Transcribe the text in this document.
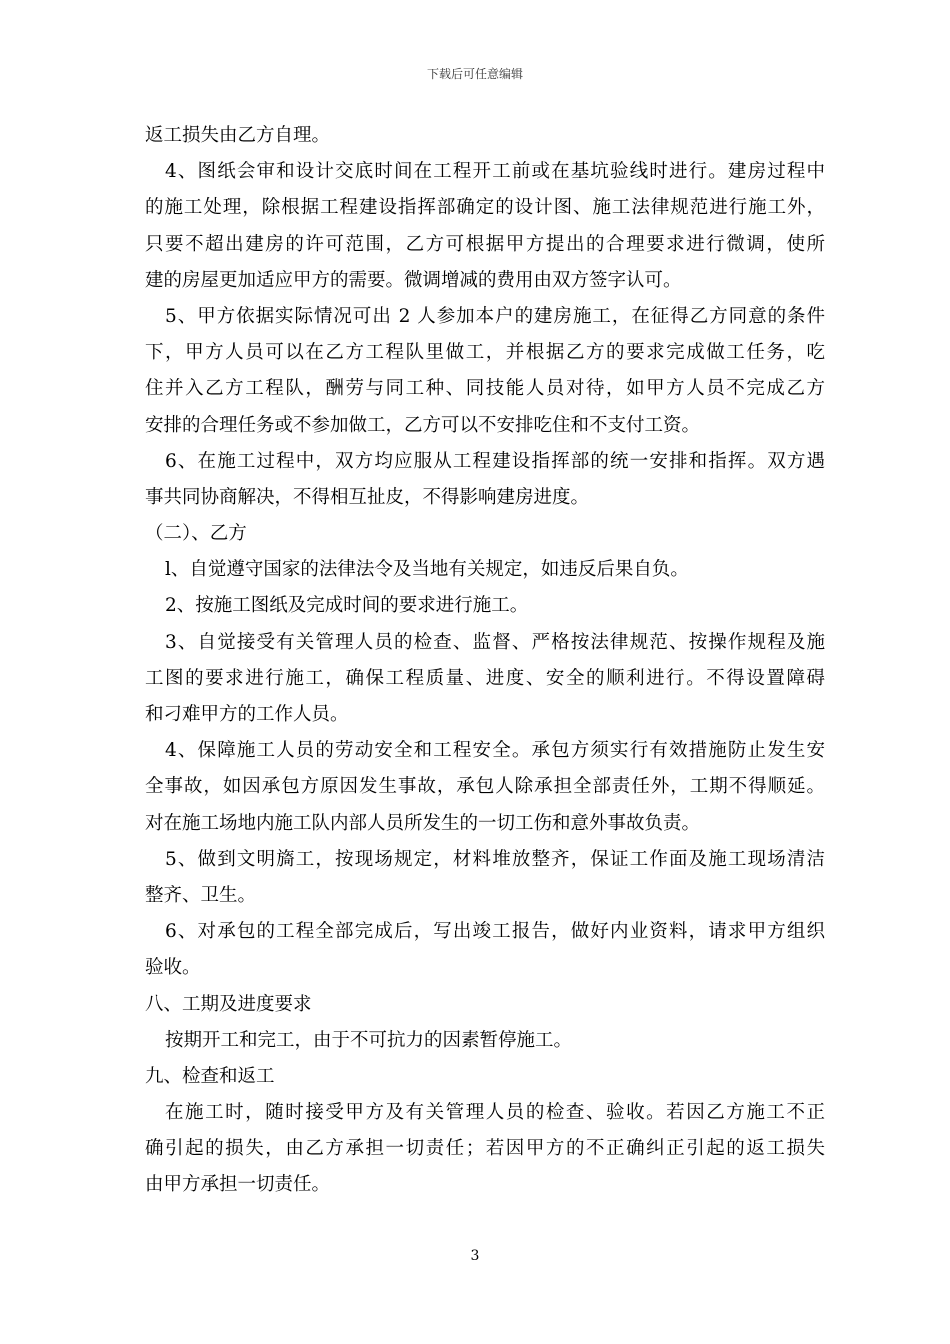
下载后可任意编辑
返工损失由乙方自理。
4、图纸会审和设计交底时间在工程开工前或在基坑验线时进行。建房过程中
的施工处理，除根据工程建设指挥部确定的设计图、施工法律规范进行施工外，
只要不超出建房的许可范围，乙方可根据甲方提出的合理要求进行微调，使所
建的房屋更加适应甲方的需要。微调增减的费用由双方签字认可。
5、甲方依据实际情况可出 2 人参加本户的建房施工，在征得乙方同意的条件
下，甲方人员可以在乙方工程队里做工，并根据乙方的要求完成做工任务，吃
住并入乙方工程队，酬劳与同工种、同技能人员对待，如甲方人员不完成乙方
安排的合理任务或不参加做工，乙方可以不安排吃住和不支付工资。
6、在施工过程中，双方均应服从工程建设指挥部的统一安排和指挥。双方遇
事共同协商解决，不得相互扯皮，不得影响建房进度。
（二）、乙方
l、自觉遵守国家的法律法令及当地有关规定，如违反后果自负。
2、按施工图纸及完成时间的要求进行施工。
3、自觉接受有关管理人员的检查、监督、严格按法律规范、按操作规程及施
工图的要求进行施工，确保工程质量、进度、安全的顺利进行。不得设置障碍
和刁难甲方的工作人员。
4、保障施工人员的劳动安全和工程安全。承包方须实行有效措施防止发生安
全事故，如因承包方原因发生事故，承包人除承担全部责任外，工期不得顺延。
对在施工场地内施工队内部人员所发生的一切工伤和意外事故负责。
5、做到文明旖工，按现场规定，材料堆放整齐，保证工作面及施工现场清洁
整齐、卫生。
6、对承包的工程全部完成后，写出竣工报告，做好内业资料，请求甲方组织
验收。
八、工期及进度要求
按期开工和完工，由于不可抗力的因素暂停施工。
九、检查和返工
在施工时，随时接受甲方及有关管理人员的检查、验收。若因乙方施工不正
确引起的损失，由乙方承担一切责任；若因甲方的不正确纠正引起的返工损失
由甲方承担一切责任。
3
